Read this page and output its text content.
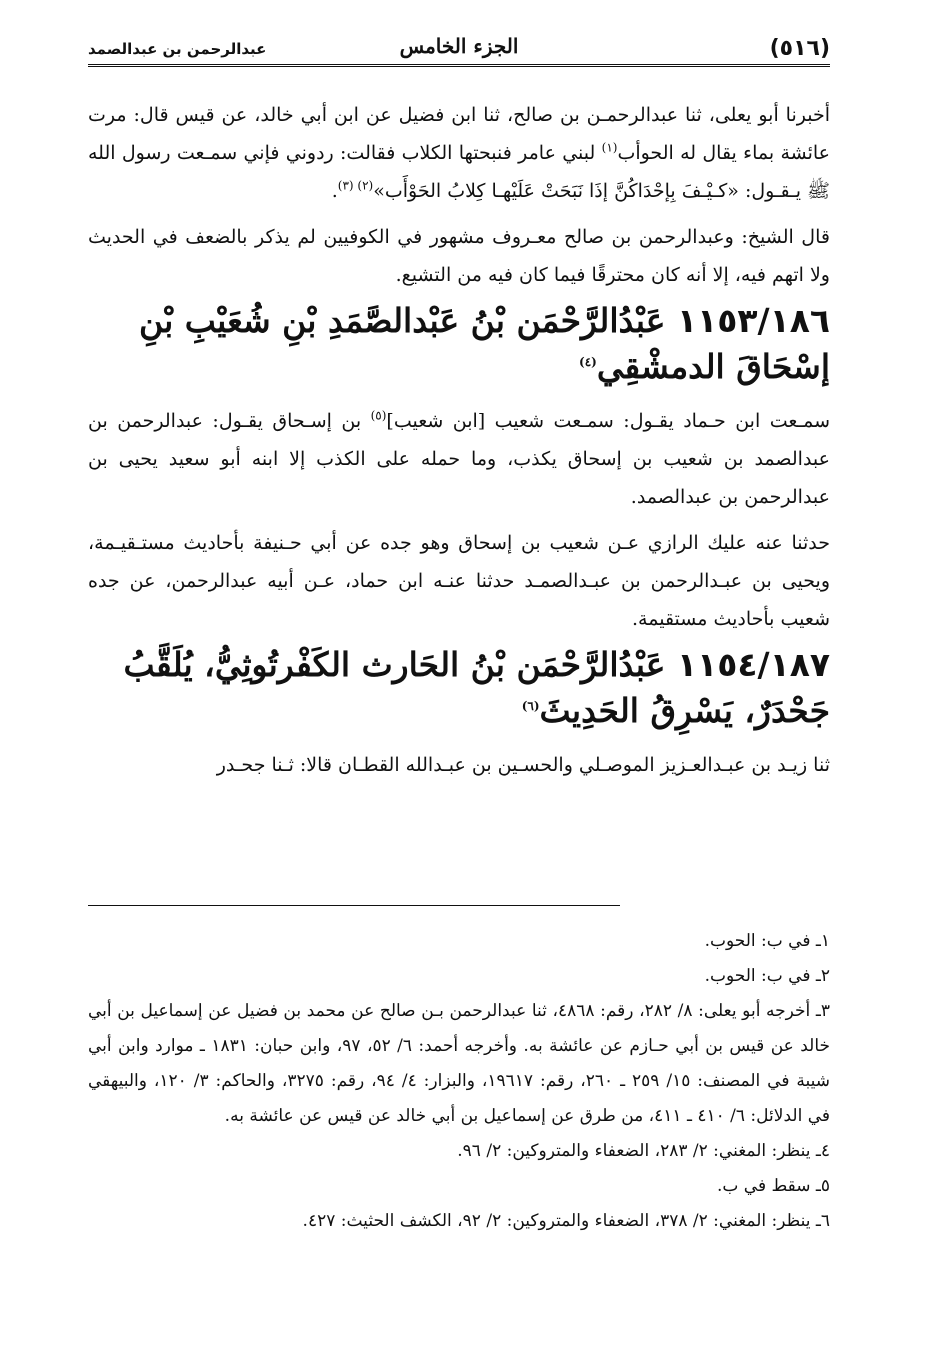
(٥١٦)
الجزء الخامس
عبدالرحمن بن عبدالصمد

أخبرنا أبو يعلى، ثنا عبدالرحمـن بن صالح، ثنا ابن فضيل عن ابن أبي خالد، عن قيس قال: مرت عائشة بماء يقال له الحوأب$^{(١)}$ لبني عامر فنبحتها الكلاب فقالت: ردوني فإني سمـعت رسول الله ﷺ يـقـول: «كـيْـفَ بِإحْدَاكُنَّ إذَا نَبَحَتْ عَلَيْهـا كِلابُ الحَوْأَب»$^{(٢) (٣)}$.

قال الشيخ: وعبدالرحمن بن صالح معـروف مشهور في الكوفيين لم يذكر بالضعف في الحديث ولا اتهم فيه، إلا أنه كان محترقًا فيما كان فيه من التشيع.

١١٥٣/١٨٦ عَبْدُالرَّحْمَن بْنُ عَبْدالصَّمَدِ بْنِ شُعَيْبِ بْنِ إسْحَاقَ الدمشْقِي$^{(٤)}$

سمـعت ابن حـماد يقـول: سمـعت شعيب [ابن شعيب]$^{(٥)}$ بن إسـحاق يقـول: عبدالرحمن بن عبدالصمد بن شعيب بن إسحاق يكذب، وما حمله على الكذب إلا ابنه أبو سعيد يحيى بن عبدالرحمن بن عبدالصمد.

حدثنا عنه عليك الرازي عـن شعيب بن إسحاق وهو جده عن أبي حـنيفة بأحاديث مستـقيـمة، ويحيى بن عبـدالرحمن بن عبـدالصمـد حدثنا عنـه ابن حماد، عـن أبيه عبدالرحمن، عن جده شعيب بأحاديث مستقيمة.

١١٥٤/١٨٧ عَبْدُالرَّحْمَن بْنُ الحَارث الكَفْرتُوثِيُّ، يُلَقَّبُ جَحْدَرٌ، يَسْرِقُ الحَدِيثَ$^{(٦)}$

ثنا زيـد بن عبـدالعـزيز الموصـلي والحسـين بن عبـدالله القطـان قالا: ثـنا جحـدر

١ـ في ب: الحوب.

٢ـ في ب: الحوب.

٣ـ أخرجه أبو يعلى: ٨/ ٢٨٢، رقم: ٤٨٦٨، ثنا عبدالرحمن بـن صالح عن محمد بن فضيل عن إسماعيل بن أبي خالد عن قيس بن أبي حـازم عن عائشة به. وأخرجه أحمد: ٦/ ٥٢، ٩٧، وابن حبان: ١٨٣١ ـ موارد وابن أبي شيبة في المصنف: ١٥/ ٢٥٩ ـ ٢٦٠، رقم: ١٩٦١٧، والبزار: ٤/ ٩٤، رقم: ٣٢٧٥، والحاكم: ٣/ ١٢٠، والبيهقي في الدلائل: ٦/ ٤١٠ ـ ٤١١، من طرق عن إسماعيل بن أبي خالد عن قيس عن عائشة به.

٤ـ ينظر: المغني: ٢/ ٢٨٣، الضعفاء والمتروكين: ٢/ ٩٦.

٥ـ سقط في ب.

٦ـ ينظر: المغني: ٢/ ٣٧٨، الضعفاء والمتروكين: ٢/ ٩٢، الكشف الحثيث: ٤٢٧.
